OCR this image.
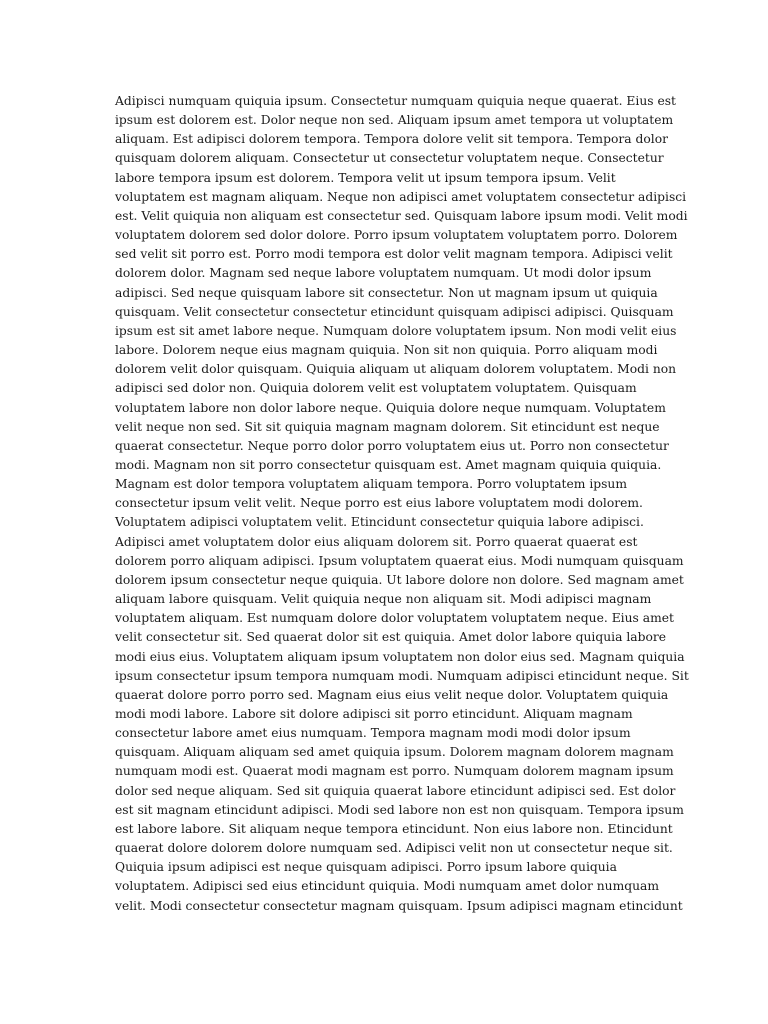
Adipisci numquam quiquia ipsum. Consectetur numquam quiquia neque quaerat. Eius est
ipsum est dolorem est. Dolor neque non sed. Aliquam ipsum amet tempora ut voluptatem
aliquam. Est adipisci dolorem tempora. Tempora dolore velit sit tempora. Tempora dolor
quisquam dolorem aliquam. Consectetur ut consectetur voluptatem neque. Consectetur
labore tempora ipsum est dolorem. Tempora velit ut ipsum tempora ipsum. Velit
voluptatem est magnam aliquam. Neque non adipisci amet voluptatem consectetur adipisci
est. Velit quiquia non aliquam est consectetur sed. Quisquam labore ipsum modi. Velit modi
voluptatem dolorem sed dolor dolore. Porro ipsum voluptatem voluptatem porro. Dolorem
sed velit sit porro est. Porro modi tempora est dolor velit magnam tempora. Adipisci velit
dolorem dolor. Magnam sed neque labore voluptatem numquam. Ut modi dolor ipsum
adipisci. Sed neque quisquam labore sit consectetur. Non ut magnam ipsum ut quiquia
quisquam. Velit consectetur consectetur etincidunt quisquam adipisci adipisci. Quisquam
ipsum est sit amet labore neque. Numquam dolore voluptatem ipsum. Non modi velit eius
labore. Dolorem neque eius magnam quiquia. Non sit non quiquia. Porro aliquam modi
dolorem velit dolor quisquam. Quiquia aliquam ut aliquam dolorem voluptatem. Modi non
adipisci sed dolor non. Quiquia dolorem velit est voluptatem voluptatem. Quisquam
voluptatem labore non dolor labore neque. Quiquia dolore neque numquam. Voluptatem
velit neque non sed. Sit sit quiquia magnam magnam dolorem. Sit etincidunt est neque
quaerat consectetur. Neque porro dolor porro voluptatem eius ut. Porro non consectetur
modi. Magnam non sit porro consectetur quisquam est. Amet magnam quiquia quiquia.
Magnam est dolor tempora voluptatem aliquam tempora. Porro voluptatem ipsum
consectetur ipsum velit velit. Neque porro est eius labore voluptatem modi dolorem.
Voluptatem adipisci voluptatem velit. Etincidunt consectetur quiquia labore adipisci.
Adipisci amet voluptatem dolor eius aliquam dolorem sit. Porro quaerat quaerat est
dolorem porro aliquam adipisci. Ipsum voluptatem quaerat eius. Modi numquam quisquam
dolorem ipsum consectetur neque quiquia. Ut labore dolore non dolore. Sed magnam amet
aliquam labore quisquam. Velit quiquia neque non aliquam sit. Modi adipisci magnam
voluptatem aliquam. Est numquam dolore dolor voluptatem voluptatem neque. Eius amet
velit consectetur sit. Sed quaerat dolor sit est quiquia. Amet dolor labore quiquia labore
modi eius eius. Voluptatem aliquam ipsum voluptatem non dolor eius sed. Magnam quiquia
ipsum consectetur ipsum tempora numquam modi. Numquam adipisci etincidunt neque. Sit
quaerat dolore porro porro sed. Magnam eius eius velit neque dolor. Voluptatem quiquia
modi modi labore. Labore sit dolore adipisci sit porro etincidunt. Aliquam magnam
consectetur labore amet eius numquam. Tempora magnam modi modi dolor ipsum
quisquam. Aliquam aliquam sed amet quiquia ipsum. Dolorem magnam dolorem magnam
numquam modi est. Quaerat modi magnam est porro. Numquam dolorem magnam ipsum
dolor sed neque aliquam. Sed sit quiquia quaerat labore etincidunt adipisci sed. Est dolor
est sit magnam etincidunt adipisci. Modi sed labore non est non quisquam. Tempora ipsum
est labore labore. Sit aliquam neque tempora etincidunt. Non eius labore non. Etincidunt
quaerat dolore dolorem dolore numquam sed. Adipisci velit non ut consectetur neque sit.
Quiquia ipsum adipisci est neque quisquam adipisci. Porro ipsum labore quiquia
voluptatem. Adipisci sed eius etincidunt quiquia. Modi numquam amet dolor numquam
velit. Modi consectetur consectetur magnam quisquam. Ipsum adipisci magnam etincidunt
